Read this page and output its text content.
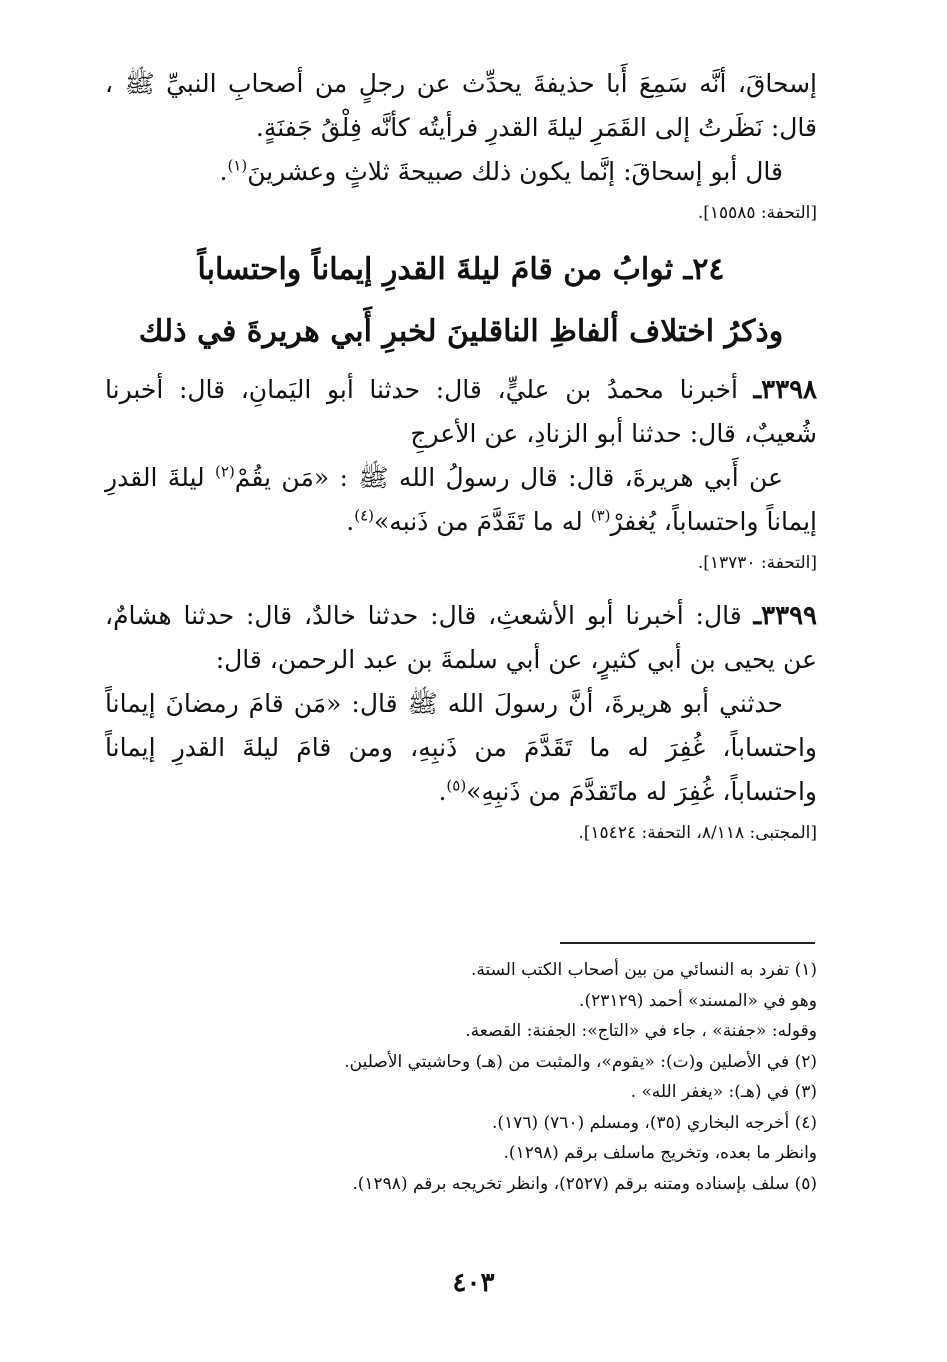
إسحاقَ، أنَّه سَمِعَ أَبا حذيفةَ يحدِّث عن رجلٍ من أصحابِ النبيِّ ﷺ ، قال: نَظَرتُ إلى القَمَرِ ليلةَ القدرِ فرأيتُه كأنَّه فِلْقُ جَفنَةٍ.

قال أبو إسحاقَ: إنَّما يكون ذلك صبيحةَ ثلاثٍ وعشرينَ$^{(١)}$.

[التحفة: ١٥٥٨٥].

٢٤ـ ثوابُ من قامَ ليلةَ القدرِ إيماناً واحتساباً
وذكرُ اختلاف ألفاظِ الناقلينَ لخبرِ أَبي هريرةَ في ذلك

٣٣٩٨ـ أخبرنا محمدُ بن عليٍّ، قال: حدثنا أبو اليَمانِ، قال: أخبرنا شُعيبٌ، قال: حدثنا أبو الزنادِ، عن الأعرجِ

عن أَبي هريرةَ، قال: قال رسولُ الله ﷺ : «مَن يقُمْ$^{(٢)}$ ليلةَ القدرِ إيماناً واحتساباً، يُغفرْ$^{(٣)}$ له ما تَقَدَّمَ من ذَنبه»$^{(٤)}$.

[التحفة: ١٣٧٣٠].

٣٣٩٩ـ قال: أخبرنا أبو الأشعثِ، قال: حدثنا خالدٌ، قال: حدثنا هشامٌ، عن يحيى بن أبي كثيرٍ، عن أبي سلمةَ بن عبد الرحمن، قال:

حدثني أبو هريرةَ، أنَّ رسولَ الله ﷺ قال: «مَن قامَ رمضانَ إيماناً واحتساباً، غُفِرَ له ما تَقَدَّمَ من ذَنبِهِ، ومن قامَ ليلةَ القدرِ إيماناً واحتساباً، غُفِرَ له ماتَقدَّمَ من ذَنبِهِ»$^{(٥)}$.

[المجتبى: ٨/١١٨، التحفة: ١٥٤٢٤].

(١) تفرد به النسائي من بين أصحاب الكتب الستة.

وهو في «المسند» أحمد (٢٣١٢٩).

وقوله: «جفنة» ، جاء في «التاج»: الجفنة: القصعة.

(٢) في الأصلين و(ت): «يقوم»، والمثبت من (هـ) وحاشيتي الأصلين.

(٣) في (هـ): «يغفر الله» .

(٤) أخرجه البخاري (٣٥)، ومسلم (٧٦٠) (١٧٦).

وانظر ما بعده، وتخريج ماسلف برقم (١٢٩٨).

(٥) سلف بإسناده ومتنه برقم (٢٥٢٧)، وانظر تخريجه برقم (١٢٩٨).

٤٠٣
